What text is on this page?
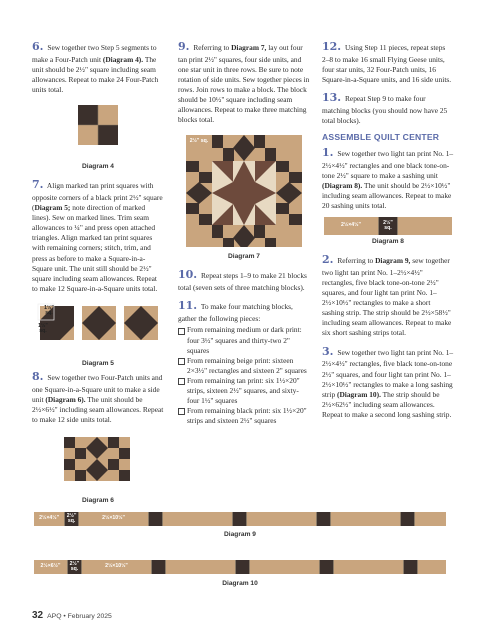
6. Sew together two Step 5 segments to make a Four-Patch unit (Diagram 4). The unit should be 2½" square including seam allowances. Repeat to make 24 Four-Patch units total.

Diagram 4

7. Align marked tan print squares with opposite corners of a black print 2½" square (Diagram 5; note direction of marked lines). Sew on marked lines. Trim seam allowances to ¼" and press open attached triangles. Align marked tan print squares with remaining corners; stitch, trim, and press as before to make a Square-in-a-Square unit. The unit still should be 2½" square including seam allowances. Repeat to make 12 Square-in-a-Square units total.

1½" sq.
1½" sq.
Diagram 5

8. Sew together two Four-Patch units and one Square-in-a-Square unit to make a side unit (Diagram 6). The unit should be 2½×6½" including seam allowances. Repeat to make 12 side units total.

Diagram 6

9. Referring to Diagram 7, lay out four tan print 2½" squares, four side units, and one star unit in three rows. Be sure to note rotation of side units. Sew together pieces in rows. Join rows to make a block. The block should be 10½" square including seam allowances. Repeat to make three matching blocks total.

2½" sq.
Diagram 7

10. Repeat steps 1–9 to make 21 blocks total (seven sets of three matching blocks).

11. To make four matching blocks, gather the following pieces:

From remaining medium or dark print: four 3½" squares and thirty-two 2" squares
From remaining beige print: sixteen 2×3½" rectangles and sixteen 2" squares
From remaining tan print: six 1½×20" strips, sixteen 2½" squares, and sixty-four 1½" squares
From remaining black print: six 1½×20" strips and sixteen 2½" squares

12. Using Step 11 pieces, repeat steps 2–8 to make 16 small Flying Geese units, four star units, 32 Four-Patch units, 16 Square-in-a-Square units, and 16 side units.

13. Repeat Step 9 to make four matching blocks (you should now have 25 total blocks).

ASSEMBLE QUILT CENTER

1. Sew together two light tan print No. 1–2½×4½" rectangles and one black tone-on-tone 2½" square to make a sashing unit (Diagram 8). The unit should be 2½×10½" including seam allowances. Repeat to make 20 sashing units total.

2½×4½"	2½" sq.
Diagram 8

2. Referring to Diagram 9, sew together two light tan print No. 1–2½×4½" rectangles, five black tone-on-tone 2½" squares, and four light tan print No. 1–2½×10½" rectangles to make a short sashing strip. The strip should be 2½×58½" including seam allowances. Repeat to make six short sashing strips total.

3. Sew together two light tan print No. 1–2½×4½" rectangles, five black tone-on-tone 2½" squares, and four light tan print No. 1–2½×10½" rectangles to make a long sashing strip (Diagram 10). The strip should be 2½×62½" including seam allowances. Repeat to make a second long sashing strip.

2½×4½"	2½" sq.	2½×10½"
Diagram 9
2½×6½"	2½" sq.	2½×10½"
Diagram 10
32 APQ • February 2025
